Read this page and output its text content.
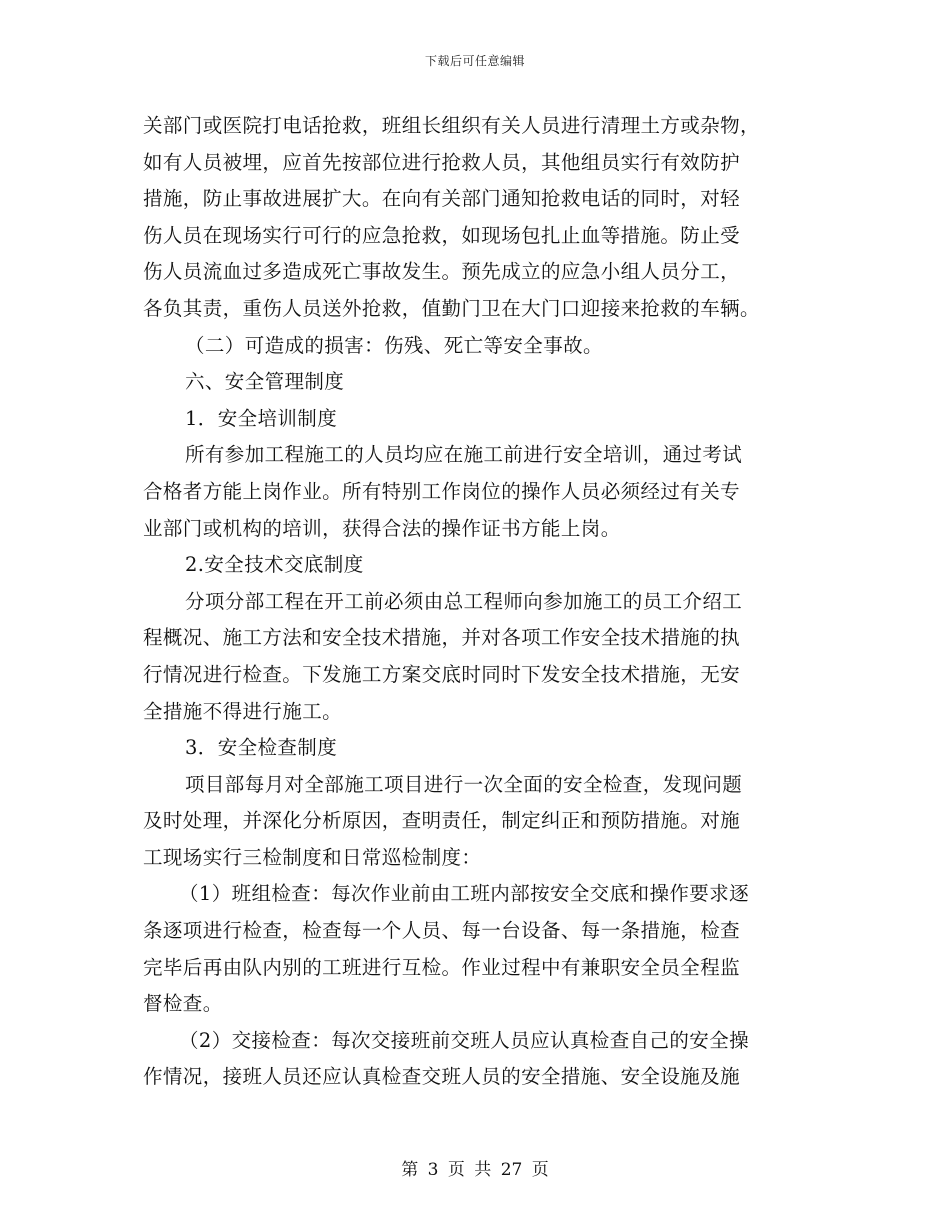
下载后可任意编辑
关部门或医院打电话抢救，班组长组织有关人员进行清理土方或杂物，
如有人员被埋，应首先按部位进行抢救人员，其他组员实行有效防护
措施，防止事故进展扩大。在向有关部门通知抢救电话的同时，对轻
伤人员在现场实行可行的应急抢救，如现场包扎止血等措施。防止受
伤人员流血过多造成死亡事故发生。预先成立的应急小组人员分工，
各负其责，重伤人员送外抢救，值勤门卫在大门口迎接来抢救的车辆。
（二）可造成的损害：伤残、死亡等安全事故。
六、安全管理制度
1．安全培训制度
所有参加工程施工的人员均应在施工前进行安全培训，通过考试
合格者方能上岗作业。所有特别工作岗位的操作人员必须经过有关专
业部门或机构的培训，获得合法的操作证书方能上岗。
2.安全技术交底制度
分项分部工程在开工前必须由总工程师向参加施工的员工介绍工
程概况、施工方法和安全技术措施，并对各项工作安全技术措施的执
行情况进行检查。下发施工方案交底时同时下发安全技术措施，无安
全措施不得进行施工。
3．安全检查制度
项目部每月对全部施工项目进行一次全面的安全检查，发现问题
及时处理，并深化分析原因，查明责任，制定纠正和预防措施。对施
工现场实行三检制度和日常巡检制度：
（1）班组检查：每次作业前由工班内部按安全交底和操作要求逐
条逐项进行检查，检查每一个人员、每一台设备、每一条措施，检查
完毕后再由队内别的工班进行互检。作业过程中有兼职安全员全程监
督检查。
（2）交接检查：每次交接班前交班人员应认真检查自己的安全操
作情况，接班人员还应认真检查交班人员的安全措施、安全设施及施
第 3 页 共 27 页
